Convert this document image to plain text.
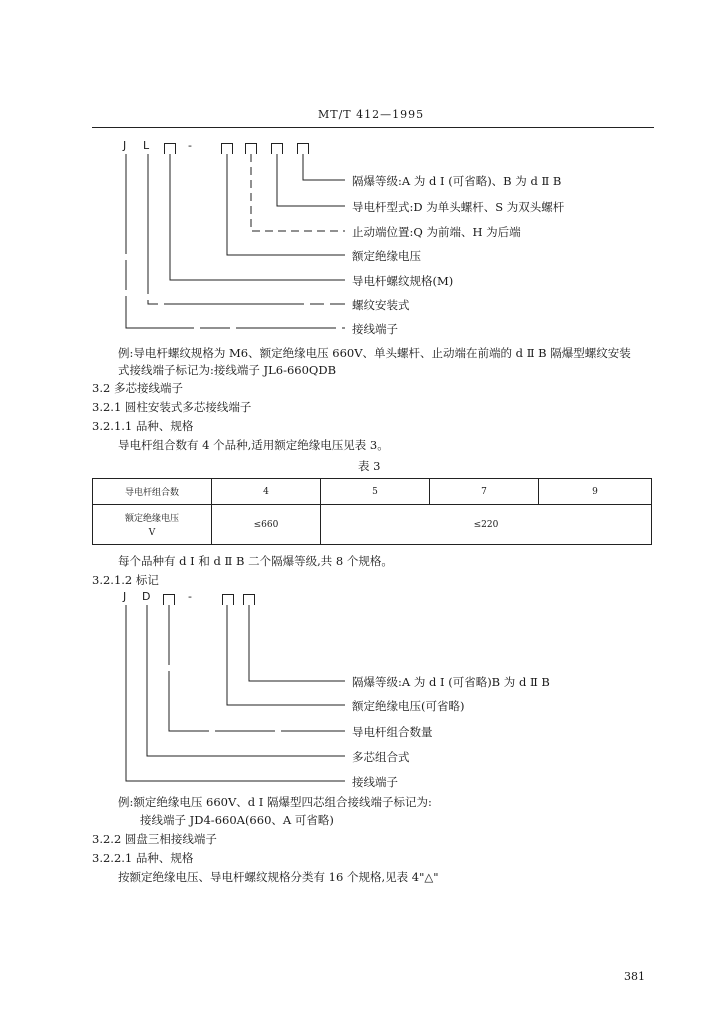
MT/T 412—1995
J L	-
隔爆等级:A 为 d I (可省略)、B 为 d Ⅱ B
导电杆型式:D 为单头螺杆、S 为双头螺杆
止动端位置:Q 为前端、H 为后端
额定绝缘电压
导电杆螺纹规格(M)
螺纹安装式
接线端子
例:导电杆螺纹规格为 M6、额定绝缘电压 660V、单头螺杆、止动端在前端的 d Ⅱ B 隔爆型螺纹安装
式接线端子标记为:接线端子 JL6-660QDB
3.2 多芯接线端子
3.2.1 圆柱安装式多芯接线端子
3.2.1.1 品种、规格
导电杆组合数有 4 个品种,适用额定绝缘电压见表 3。
表 3
导电杆组合数	4	5	7	9

额定绝缘电压
V	≤660	≤220		
每个品种有 d I 和 d Ⅱ B 二个隔爆等级,共 8 个规格。
3.2.1.2 标记
J D	-
隔爆等级:A 为 d I (可省略)B 为 d Ⅱ B
额定绝缘电压(可省略)
导电杆组合数量
多芯组合式
接线端子
例:额定绝缘电压 660V、d I 隔爆型四芯组合接线端子标记为:
接线端子 JD4-660A(660、A 可省略)
3.2.2 圆盘三相接线端子
3.2.2.1 品种、规格
按额定绝缘电压、导电杆螺纹规格分类有 16 个规格,见表 4"△"
381
